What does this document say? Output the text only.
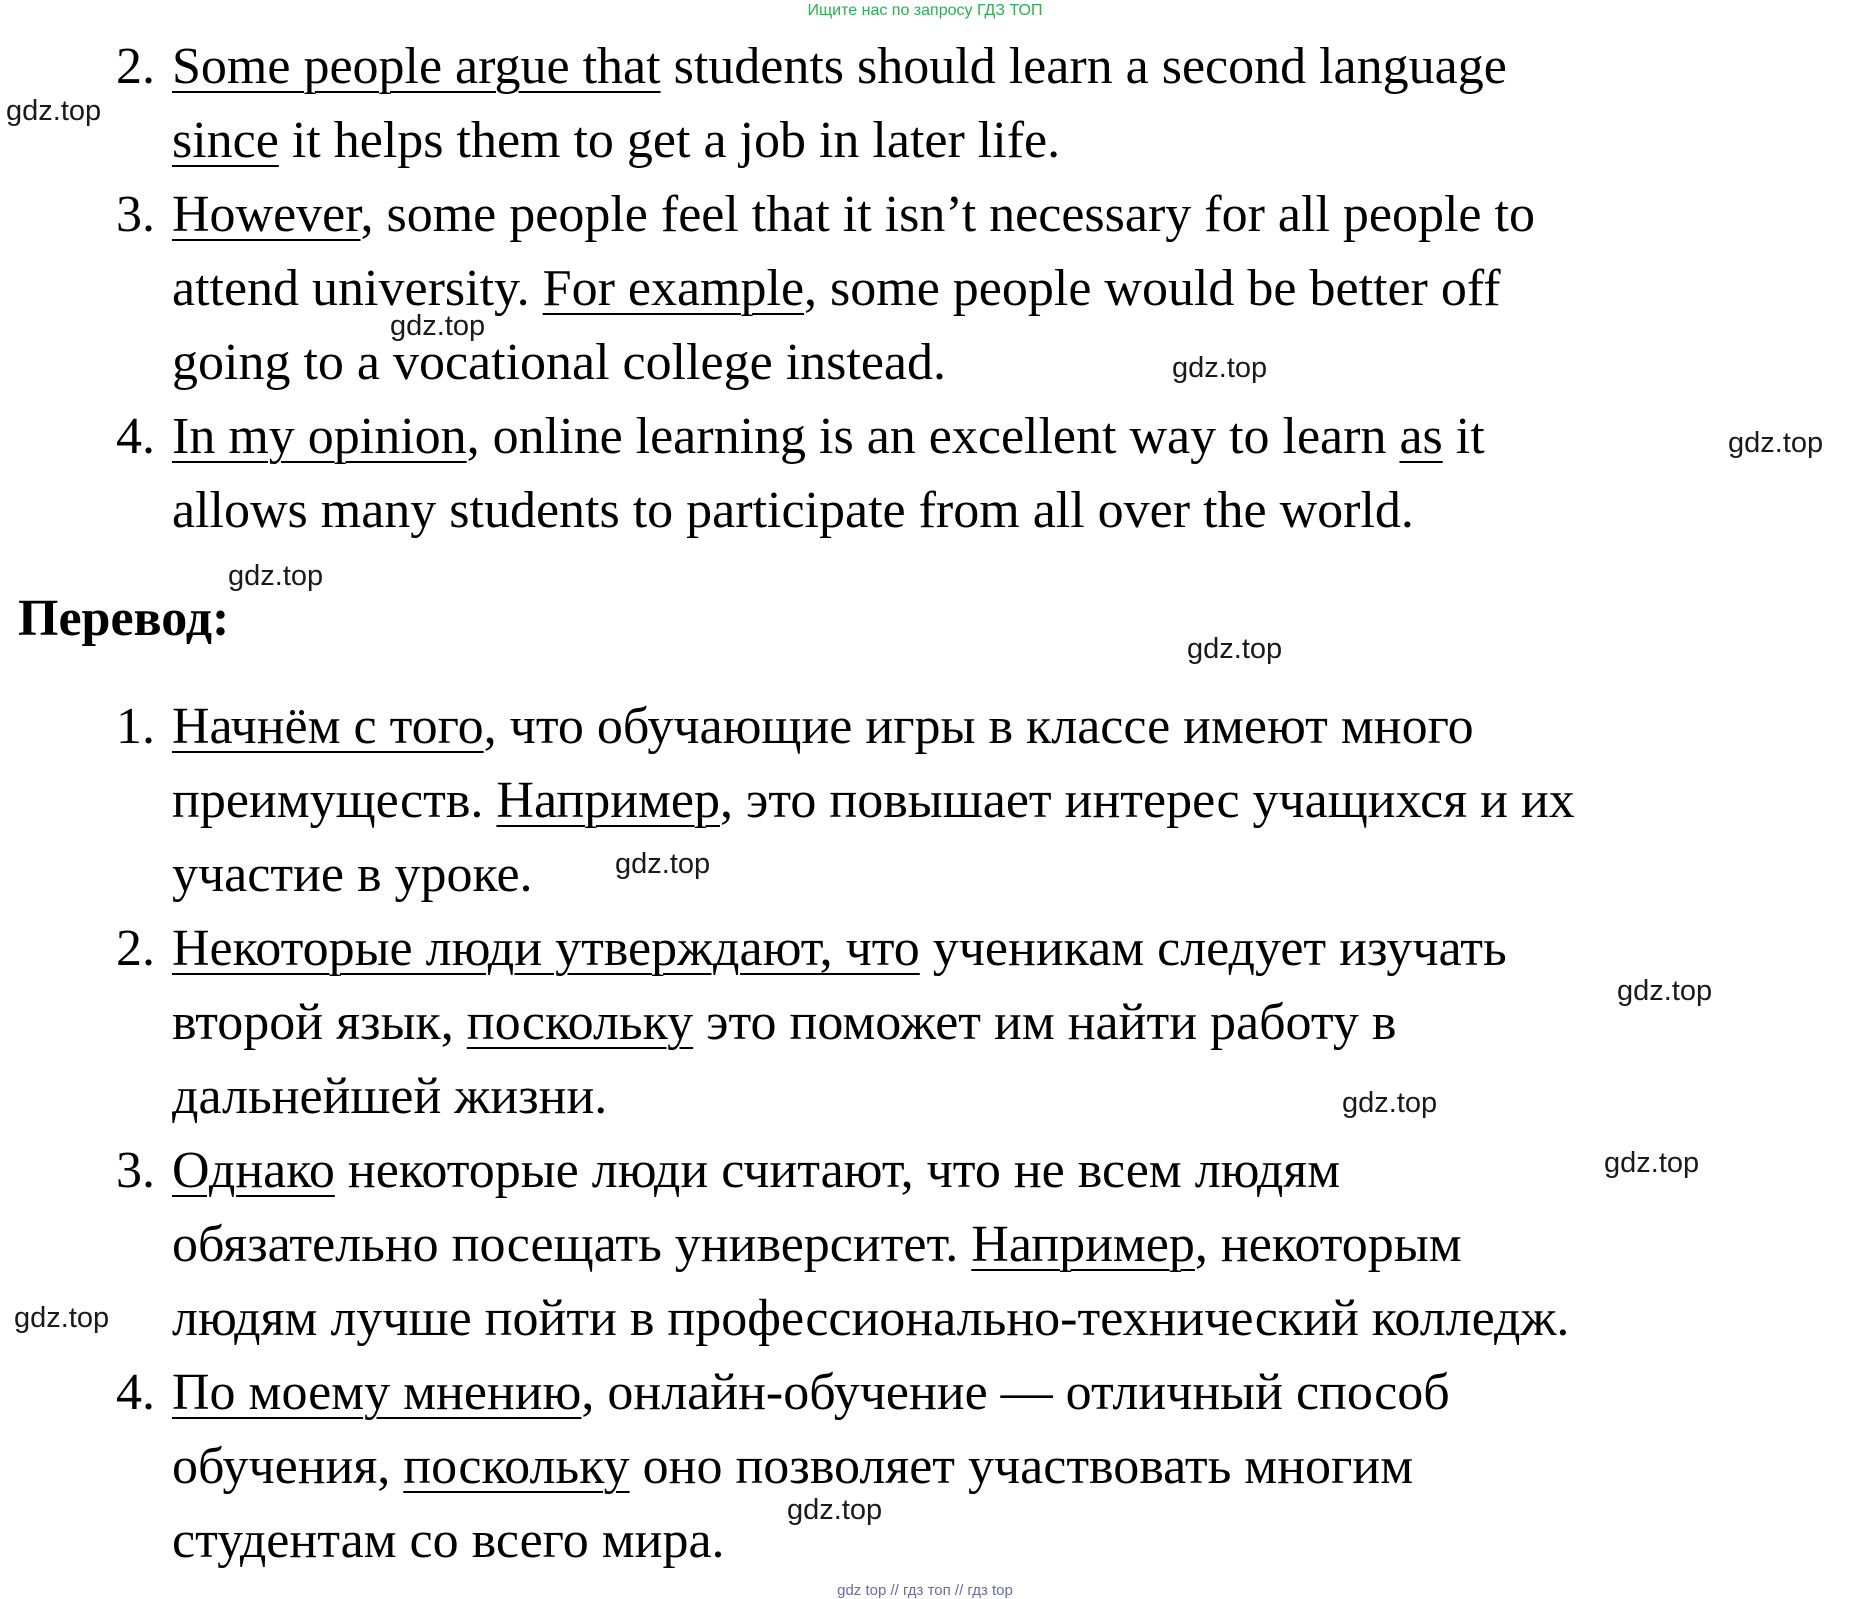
Ищите нас по запросу ГДЗ ТОП
2. Some people argue that students should learn a second language
since it helps them to get a job in later life.
3. However, some people feel that it isn’t necessary for all people to
attend university. For example, some people would be better off
going to a vocational college instead.
4. In my opinion, online learning is an excellent way to learn as it
allows many students to participate from all over the world.
Перевод:
1. Начнём с того, что обучающие игры в классе имеют много
преимуществ. Например, это повышает интерес учащихся и их
участие в уроке.
2. Некоторые люди утверждают, что ученикам следует изучать
второй язык, поскольку это поможет им найти работу в
дальнейшей жизни.
3. Однако некоторые люди считают, что не всем людям
обязательно посещать университет. Например, некоторым
людям лучше пойти в профессионально-технический колледж.
4. По моему мнению, онлайн-обучение — отличный способ
обучения, поскольку оно позволяет участвовать многим
студентам со всего мира.
gdz.top
gdz.top
gdz.top
gdz.top
gdz.top
gdz.top
gdz.top
gdz.top
gdz.top
gdz.top
gdz.top
gdz.top
gdz top // гдз топ // гдз top
